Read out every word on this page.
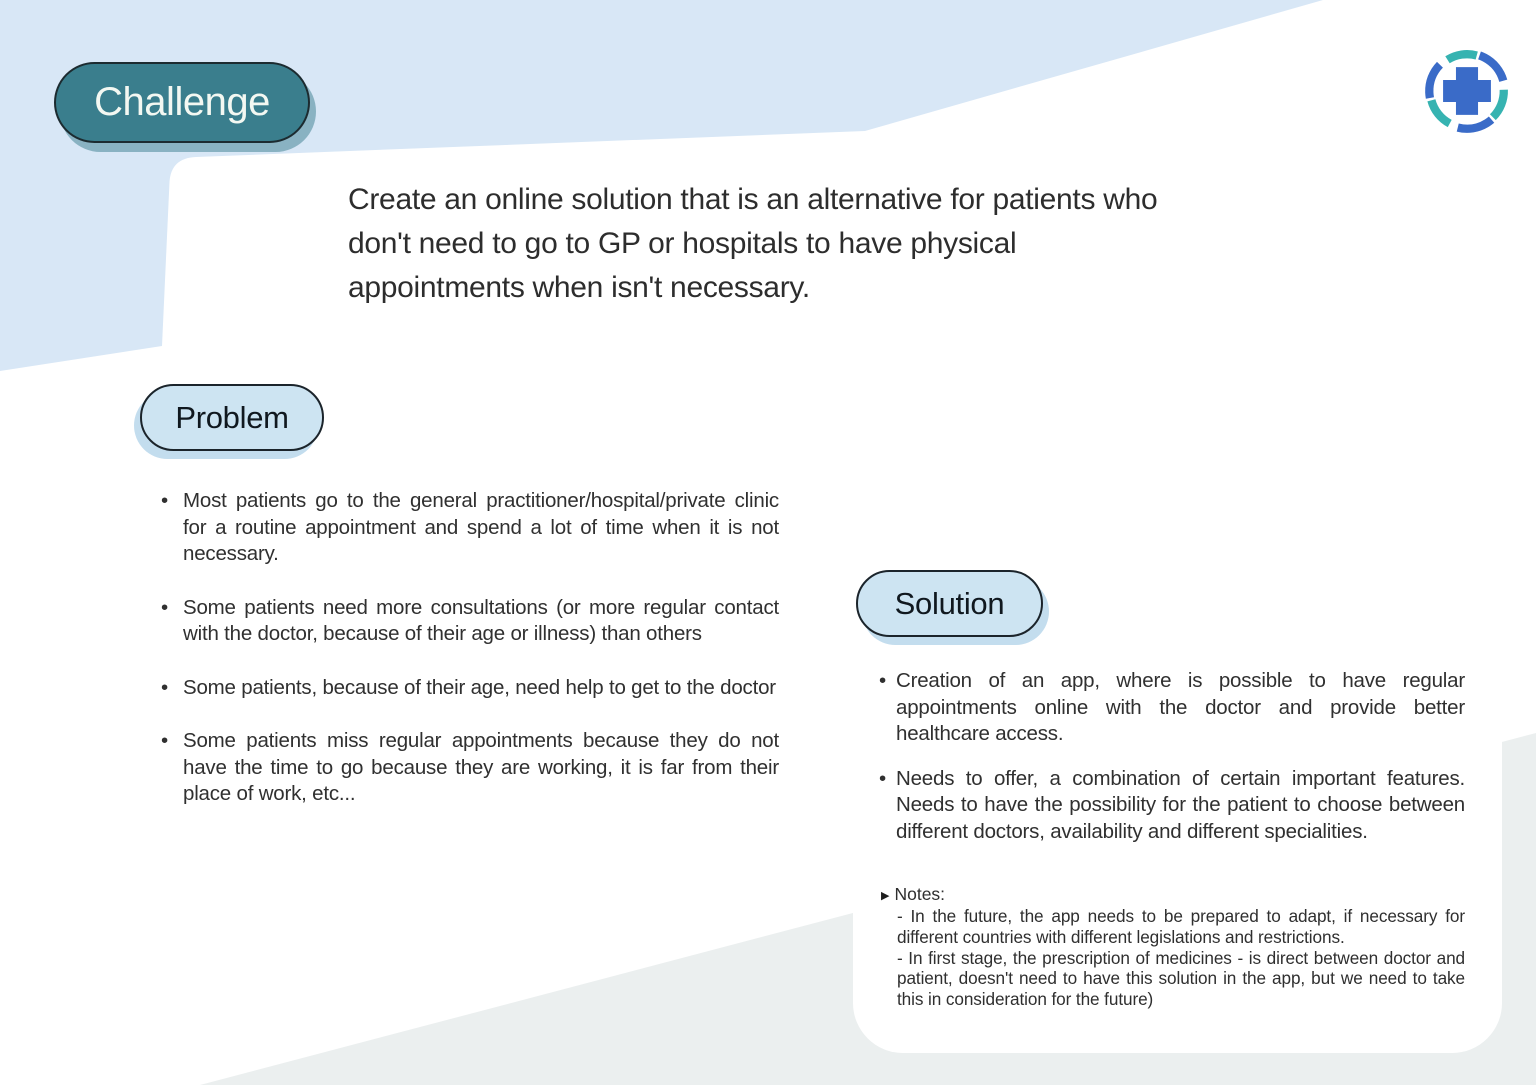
Challenge
Create an online solution that is an alternative for patients who don't need to go to GP or hospitals to have physical appointments when isn't necessary.
Problem
• Most patients go to the general practitioner/hospital/private clinic for a routine appointment and spend a lot of time when it is not necessary.
• Some patients need more consultations (or more regular contact with the doctor, because of their age or illness) than others
• Some patients, because of their age, need help to get to the doctor
• Some patients miss regular appointments because they do not have the time to go because they are working, it is far from their place of work, etc...
Solution
• Creation of an app, where is possible to have regular appointments online with the doctor and provide better healthcare access.
• Needs to offer, a combination of certain important features. Needs to have the possibility for the patient to choose between different doctors, availability and different specialities.
▶ Notes:
- In the future, the app needs to be prepared to adapt, if necessary for different countries with different legislations and restrictions.
- In first stage, the prescription of medicines - is direct between doctor and patient, doesn't need to have this solution in the app, but we need to take this in consideration for the future)
